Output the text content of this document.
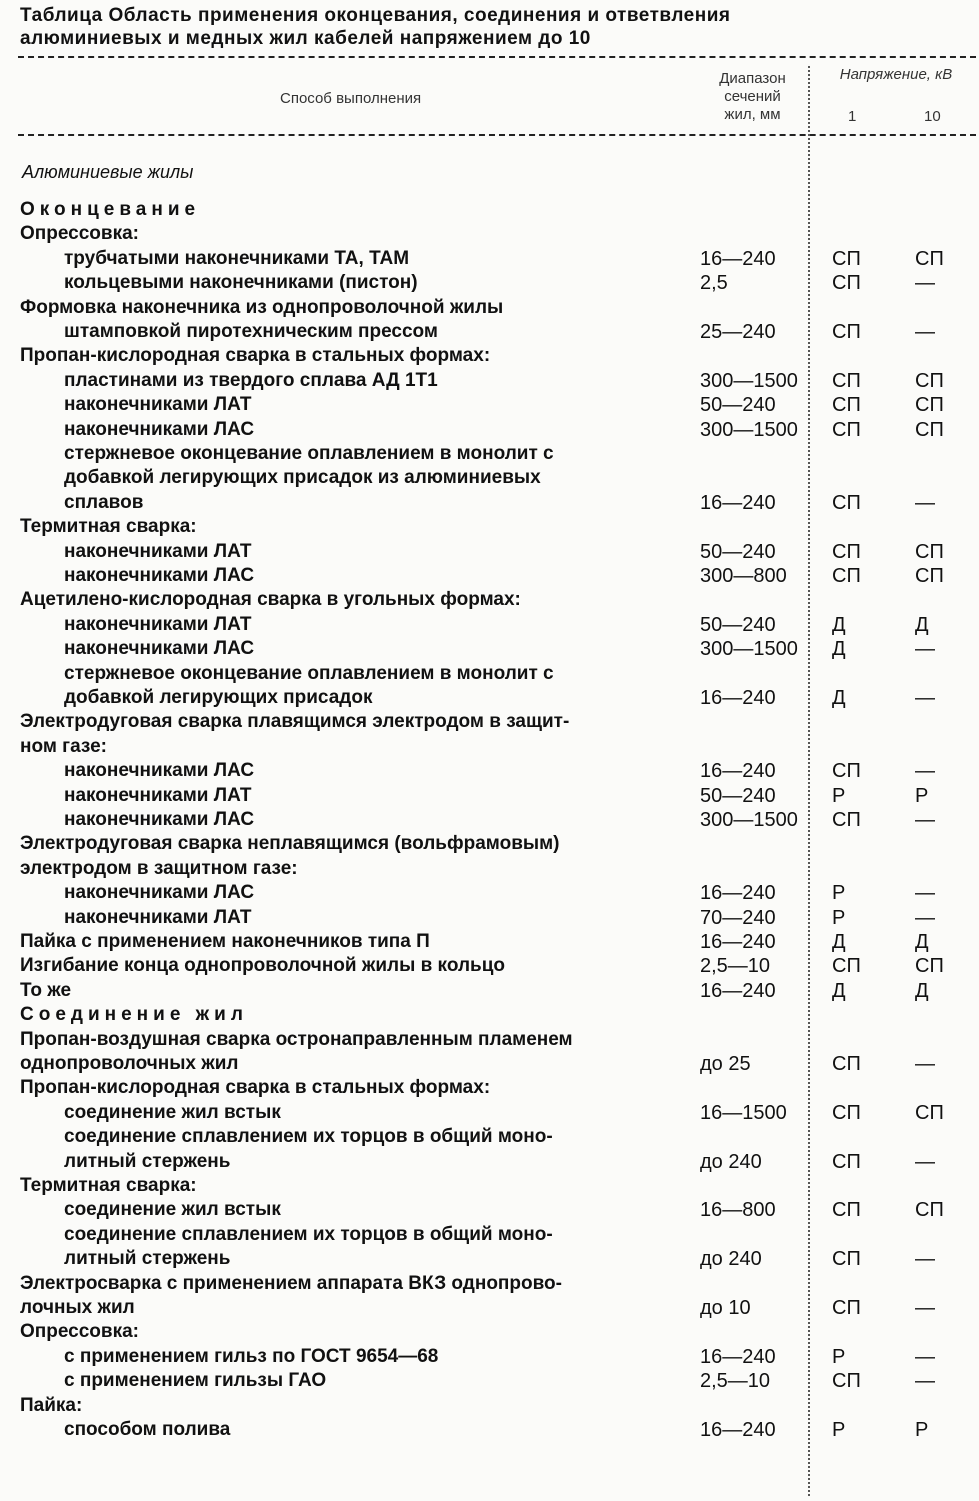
Таблица Область применения оконцевания, соединения и ответвления
алюминиевых и медных жил кабелей напряжением до 10
Способ выполнения
Диапазон
сечений
жил, мм
Напряжение, кВ
1	10
Алюминиевые жилы
Оконцевание
Опрессовка:
трубчатыми наконечниками ТА, ТАМ	16—240	СП	СП
кольцевыми наконечниками (пистон)	2,5	СП	—
Формовка наконечника из однопроволочной жилы
штамповкой пиротехническим прессом	25—240	СП	—
Пропан-кислородная сварка в стальных формах:
пластинами из твердого сплава АД 1Т1	300—1500 СП	СП
наконечниками ЛАТ	50—240	СП	СП
наконечниками ЛАС	300—1500 СП	СП
стержневое оконцевание оплавлением в монолит с
добавкой легирующих присадок из алюминиевых
сплавов	16—240	СП	—
Термитная сварка:
наконечниками ЛАТ	50—240	СП	СП
наконечниками ЛАС	300—800	СП	СП
Ацетилено-кислородная сварка в угольных формах:
наконечниками ЛАТ	50—240	Д	Д
наконечниками ЛАС	300—1500 Д	—
стержневое оконцевание оплавлением в монолит с
добавкой легирующих присадок	16—240	Д	—
Электродуговая сварка плавящимся электродом в защит-
ном газе:
наконечниками ЛАС	16—240	СП	—
наконечниками ЛАТ	50—240	Р	Р
наконечниками ЛАС	300—1500 СП	—
Электродуговая сварка неплавящимся (вольфрамовым)
электродом в защитном газе:
наконечниками ЛАС	16—240	Р	—
наконечниками ЛАТ	70—240	Р	—
Пайка с применением наконечников типа П	16—240	Д	Д
Изгибание конца однопроволочной жилы в кольцо	2,5—10	СП	СП
То же	16—240	Д	Д
Соединение жил
Пропан-воздушная сварка остронаправленным пламенем
однопроволочных жил	до 25	СП	—
Пропан-кислородная сварка в стальных формах:
соединение жил встык	16—1500	СП	СП
соединение сплавлением их торцов в общий моно-
литный стержень	до 240	СП	—
Термитная сварка:
соединение жил встык	16—800	СП	СП
соединение сплавлением их торцов в общий моно-
литный стержень	до 240	СП	—
Электросварка с применением аппарата ВКЗ однопрово-
лочных жил	до 10	СП	—
Опрессовка:
с применением гильз по ГОСТ 9654—68	16—240	Р	—
с применением гильзы ГАО	2,5—10	СП	—
Пайка:
способом полива	16—240	Р	Р
